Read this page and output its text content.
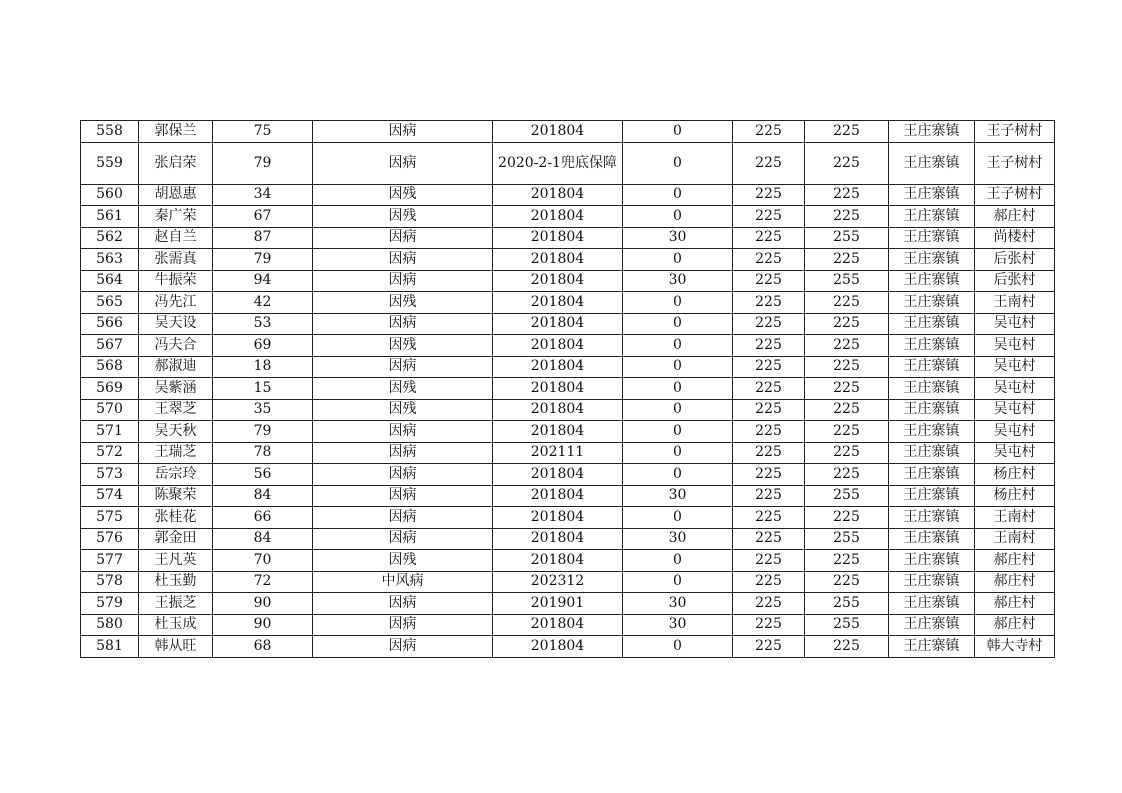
558	郭保兰	75	因病	201804	0	225	225	王庄寨镇	王子树村
559	张启荣	79	因病	2020-2-1兜底保障	0	225	225	王庄寨镇	王子树村
560	胡恩惠	34	因残	201804	0	225	225	王庄寨镇	王子树村
561	秦广荣	67	因残	201804	0	225	225	王庄寨镇	郝庄村
562	赵自兰	87	因病	201804	30	225	255	王庄寨镇	尚楼村
563	张需真	79	因病	201804	0	225	225	王庄寨镇	后张村
564	牛振荣	94	因病	201804	30	225	255	王庄寨镇	后张村
565	冯先江	42	因残	201804	0	225	225	王庄寨镇	王南村
566	吴天设	53	因病	201804	0	225	225	王庄寨镇	吴屯村
567	冯夫合	69	因残	201804	0	225	225	王庄寨镇	吴屯村
568	郝淑迪	18	因病	201804	0	225	225	王庄寨镇	吴屯村
569	吴紫涵	15	因残	201804	0	225	225	王庄寨镇	吴屯村
570	王翠芝	35	因残	201804	0	225	225	王庄寨镇	吴屯村
571	吴天秋	79	因病	201804	0	225	225	王庄寨镇	吴屯村
572	王瑞芝	78	因病	202111	0	225	225	王庄寨镇	吴屯村
573	岳宗玲	56	因病	201804	0	225	225	王庄寨镇	杨庄村
574	陈聚荣	84	因病	201804	30	225	255	王庄寨镇	杨庄村
575	张桂花	66	因病	201804	0	225	225	王庄寨镇	王南村
576	郭金田	84	因病	201804	30	225	255	王庄寨镇	王南村
577	王凡英	70	因残	201804	0	225	225	王庄寨镇	郝庄村
578	杜玉勤	72	中风病	202312	0	225	225	王庄寨镇	郝庄村
579	王振芝	90	因病	201901	30	225	255	王庄寨镇	郝庄村
580	杜玉成	90	因病	201804	30	225	255	王庄寨镇	郝庄村
581	韩从旺	68	因病	201804	0	225	225	王庄寨镇	韩大寺村
